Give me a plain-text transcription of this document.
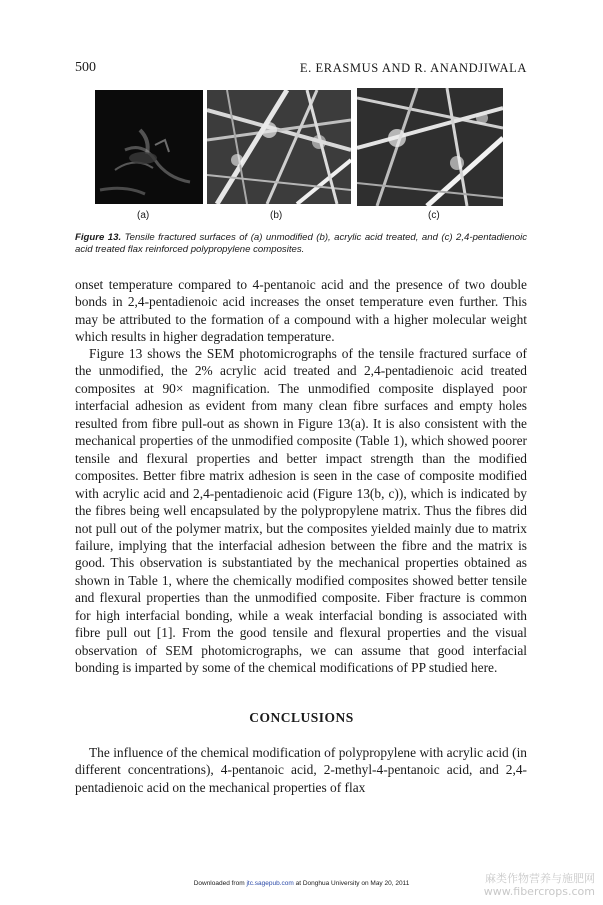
500	E. ERASMUS AND R. ANANDJIWALA
(a)	(b)	(c)
Figure 13. Tensile fractured surfaces of (a) unmodified (b), acrylic acid treated, and (c) 2,4-pentadienoic acid treated flax reinforced polypropylene composites.
onset temperature compared to 4-pentanoic acid and the presence of two double bonds in 2,4-pentadienoic acid increases the onset temperature even further. This may be attributed to the formation of a compound with a higher molecular weight which results in higher degradation temperature.
Figure 13 shows the SEM photomicrographs of the tensile fractured surface of the unmodified, the 2% acrylic acid treated and 2,4-pentadienoic acid treated composites at 90× magnification. The unmodified composite displayed poor interfacial adhesion as evident from many clean fibre surfaces and empty holes resulted from fibre pull-out as shown in Figure 13(a). It is also consistent with the mechanical properties of the unmodified composite (Table 1), which showed poorer tensile and flexural properties and better impact strength than the modified composites. Better fibre matrix adhesion is seen in the case of composite modified with acrylic acid and 2,4-pentadienoic acid (Figure 13(b, c)), which is indicated by the fibres being well encapsulated by the polypropylene matrix. Thus the fibres did not pull out of the polymer matrix, but the composites yielded mainly due to matrix failure, implying that the interfacial adhesion between the fibre and the matrix is good. This observation is substantiated by the mechanical properties obtained as shown in Table 1, where the chemically modified composites showed better tensile and flexural properties than the unmodified composite. Fiber fracture is common for high interfacial bonding, while a weak interfacial bonding is associated with fibre pull out [1]. From the good tensile and flexural properties and the visual observation of SEM photomicrographs, we can assume that good interfacial bonding is imparted by some of the chemical modifications of PP studied here.
CONCLUSIONS
The influence of the chemical modification of polypropylene with acrylic acid (in different concentrations), 4-pentanoic acid, 2-methyl-4-pentanoic acid, and 2,4-pentadienoic acid on the mechanical properties of flax
Downloaded from jtc.sagepub.com at Donghua University on May 20, 2011	麻类作物营养与施肥网
www.fibercrops.com
